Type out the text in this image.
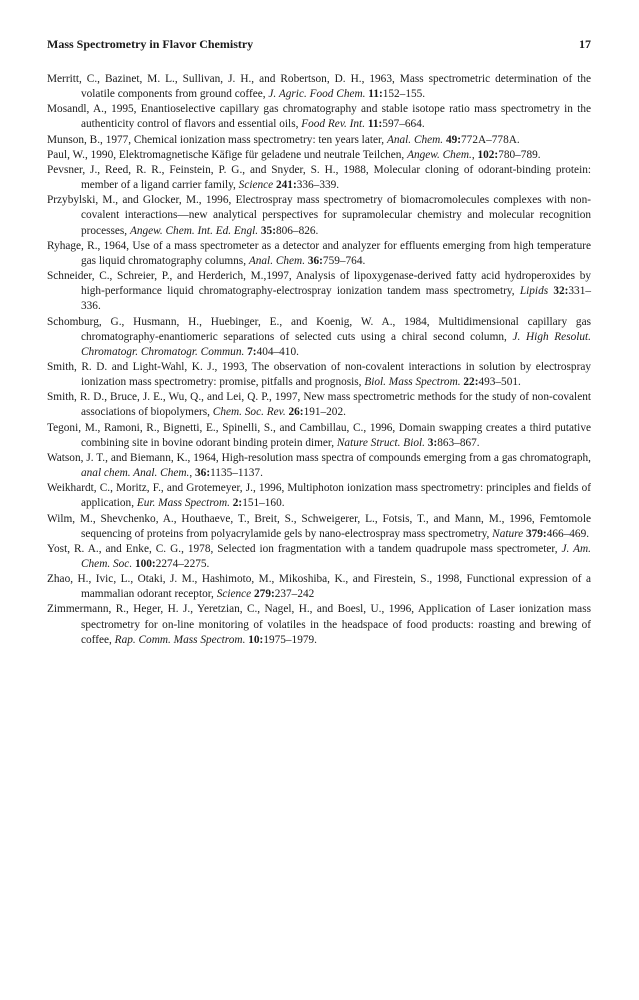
Mass Spectrometry in Flavor Chemistry	17
Merritt, C., Bazinet, M. L., Sullivan, J. H., and Robertson, D. H., 1963, Mass spectrometric determination of the volatile components from ground coffee, J. Agric. Food Chem. 11:152–155.
Mosandl, A., 1995, Enantioselective capillary gas chromatography and stable isotope ratio mass spectrometry in the authenticity control of flavors and essential oils, Food Rev. Int. 11:597–664.
Munson, B., 1977, Chemical ionization mass spectrometry: ten years later, Anal. Chem. 49:772A–778A.
Paul, W., 1990, Elektromagnetische Käfige für geladene und neutrale Teilchen, Angew. Chem., 102:780–789.
Pevsner, J., Reed, R. R., Feinstein, P. G., and Snyder, S. H., 1988, Molecular cloning of odorant-binding protein: member of a ligand carrier family, Science 241:336–339.
Przybylski, M., and Glocker, M., 1996, Electrospray mass spectrometry of biomacromolecules complexes with non-covalent interactions—new analytical perspectives for supramolecular chemistry and molecular recognition processes, Angew. Chem. Int. Ed. Engl. 35:806–826.
Ryhage, R., 1964, Use of a mass spectrometer as a detector and analyzer for effluents emerging from high temperature gas liquid chromatography columns, Anal. Chem. 36:759–764.
Schneider, C., Schreier, P., and Herderich, M.,1997, Analysis of lipoxygenase-derived fatty acid hydroperoxides by high-performance liquid chromatography-electrospray ionization tandem mass spectrometry, Lipids 32:331–336.
Schomburg, G., Husmann, H., Huebinger, E., and Koenig, W. A., 1984, Multidimensional capillary gas chromatography-enantiomeric separations of selected cuts using a chiral second column, J. High Resolut. Chromatogr. Chromatogr. Commun. 7:404–410.
Smith, R. D. and Light-Wahl, K. J., 1993, The observation of non-covalent interactions in solution by electrospray ionization mass spectrometry: promise, pitfalls and prognosis, Biol. Mass Spectrom. 22:493–501.
Smith, R. D., Bruce, J. E., Wu, Q., and Lei, Q. P., 1997, New mass spectrometric methods for the study of non-covalent associations of biopolymers, Chem. Soc. Rev. 26:191–202.
Tegoni, M., Ramoni, R., Bignetti, E., Spinelli, S., and Cambillau, C., 1996, Domain swapping creates a third putative combining site in bovine odorant binding protein dimer, Nature Struct. Biol. 3:863–867.
Watson, J. T., and Biemann, K., 1964, High-resolution mass spectra of compounds emerging from a gas chromatograph, anal chem. Anal. Chem., 36:1135–1137.
Weikhardt, C., Moritz, F., and Grotemeyer, J., 1996, Multiphoton ionization mass spectrometry: principles and fields of application, Eur. Mass Spectrom. 2:151–160.
Wilm, M., Shevchenko, A., Houthaeve, T., Breit, S., Schweigerer, L., Fotsis, T., and Mann, M., 1996, Femtomole sequencing of proteins from polyacrylamide gels by nano-electrospray mass spectrometry, Nature 379:466–469.
Yost, R. A., and Enke, C. G., 1978, Selected ion fragmentation with a tandem quadrupole mass spectrometer, J. Am. Chem. Soc. 100:2274–2275.
Zhao, H., Ivic, L., Otaki, J. M., Hashimoto, M., Mikoshiba, K., and Firestein, S., 1998, Functional expression of a mammalian odorant receptor, Science 279:237–242
Zimmermann, R., Heger, H. J., Yeretzian, C., Nagel, H., and Boesl, U., 1996, Application of Laser ionization mass spectrometry for on-line monitoring of volatiles in the headspace of food products: roasting and brewing of coffee, Rap. Comm. Mass Spectrom. 10:1975–1979.
